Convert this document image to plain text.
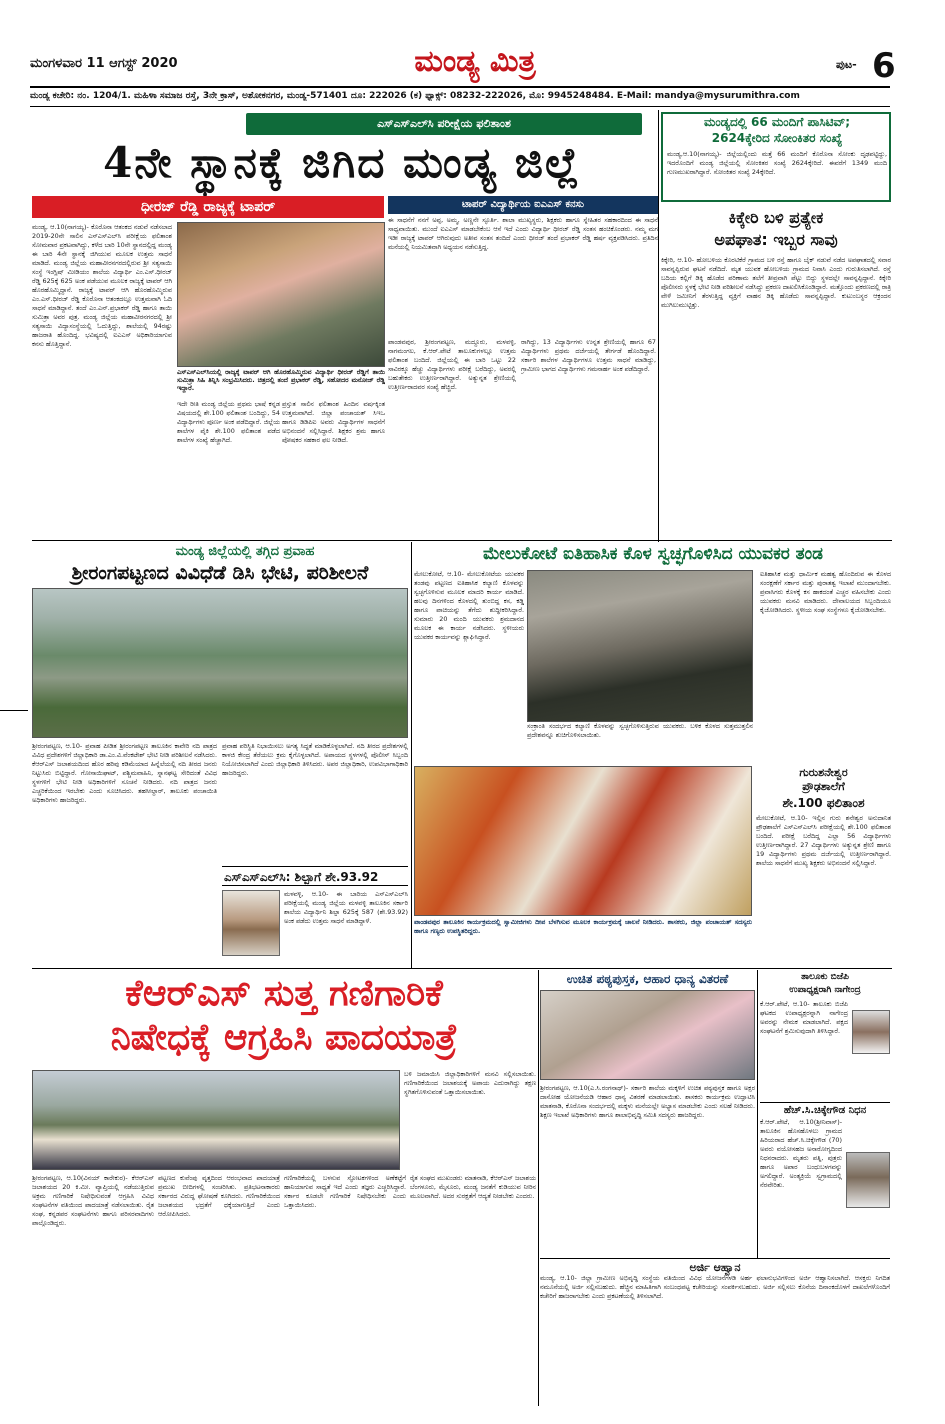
ಮಂಗಳವಾರ 11 ಆಗಸ್ಟ್ 2020	ಮಂಡ್ಯ ಮಿತ್ರ	ಪುಟ- 6
ಮಂಡ್ಯ ಕಚೇರಿ: ನಂ. 1204/1. ಮಹಿಳಾ ಸಮಾಜ ರಸ್ತೆ, 3ನೇ ಕ್ರಾಸ್, ಅಶೋಕನಗರ, ಮಂಡ್ಯ-571401 ದೂ: 222026 (ಕ) ಫ್ಯಾಕ್ಸ್: 08232-222026, ಮೊ: 9945248484. E-Mail: mandya@mysurumithra.com
ಎಸ್‌ಎಸ್‌ಎಲ್‌ಸಿ ಪರೀಕ್ಷೆಯ ಫಲಿತಾಂಶ
4ನೇ ಸ್ಥಾನಕ್ಕೆ ಜಿಗಿದ ಮಂಡ್ಯ ಜಿಲ್ಲೆ
ಧೀರಜ್ ರೆಡ್ಡಿ ರಾಜ್ಯಕ್ಕೆ ಟಾಪರ್
ಮಂಡ್ಯ, ಆ.10(ನಾಗಯ್ಯ)- ಕೊರೊನಾ ಆತಂಕದ ನಡುವೆ ನಡೆಸಲಾದ 2019-20ನೇ ಸಾಲಿನ ಎಸ್‌ಎಸ್‌ಎಲ್‌ಸಿ ಪರೀಕ್ಷೆಯ ಫಲಿತಾಂಶ ಸೋಮವಾರ ಪ್ರಕಟವಾಗಿದ್ದು, ಕಳೆದ ಬಾರಿ 10ನೇ ಸ್ಥಾನದಲ್ಲಿದ್ದ ಮಂಡ್ಯ ಈ ಬಾರಿ 4ನೇ ಸ್ಥಾನಕ್ಕೆ ಜಿಗಿಯುವ ಮೂಲಕ ಉತ್ತಮ ಸಾಧನೆ ಮಾಡಿದೆ. ಮಂಡ್ಯ ಜಿಲ್ಲೆಯ ಮಹಾವೀರನಗರದಲ್ಲಿರುವ ಶ್ರೀ ಸತ್ಯಸಾಯಿ ಸಂಸ್ಥೆ ಇಂಗ್ಲಿಷ್ ಮೀಡಿಯಂ ಶಾಲೆಯ ವಿದ್ಯಾರ್ಥಿ ಎಂ.ಎಸ್.ಧೀರಜ್ ರೆಡ್ಡಿ 625ಕ್ಕೆ 625 ಅಂಕ ಪಡೆಯುವ ಮೂಲಕ ರಾಜ್ಯಕ್ಕೆ ಟಾಪರ್ ಆಗಿ ಹೊರಹೊಮ್ಮಿದ್ದಾನೆ. ರಾಜ್ಯಕ್ಕೆ ಟಾಪರ್ ಆಗಿ ಹೊರಹೊಮ್ಮಿರುವ ಎಂ.ಎಸ್.ಧೀರಜ್ ರೆಡ್ಡಿ ಕೊರೊನಾ ಆತಂಕದಲ್ಲೂ ಉತ್ತಮವಾಗಿ ಓದಿ ಸಾಧನೆ ಮಾಡಿದ್ದಾನೆ. ತಂದೆ ಎಂ.ಎನ್.ಪ್ರಭಾಕರ್ ರೆಡ್ಡಿ ಹಾಗೂ ತಾಯಿ ಸುಮಿತ್ರಾ ಅವರ ಪುತ್ರ. ಮಂಡ್ಯ ಜಿಲ್ಲೆಯ ಮಹಾವೀರನಗರದಲ್ಲಿ ಶ್ರೀ ಸತ್ಯಸಾಯಿ ವಿದ್ಯಾಸಂಸ್ಥೆಯಲ್ಲಿ ಓದುತ್ತಿದ್ದು, ಶಾಲೆಯಲ್ಲಿ 94ರಷ್ಟು ಹಾಜರಾತಿ ಹೊಂದಿದ್ದ. ಭವಿಷ್ಯದಲ್ಲಿ ಐಎಎಸ್ ಅಧಿಕಾರಿಯಾಗುವ ಕನಸು ಹೊತ್ತಿದ್ದಾನೆ.
ಎಸ್‌ಎಸ್‌ಎಲ್‌ಸಿಯಲ್ಲಿ ರಾಜ್ಯಕ್ಕೆ ಟಾಪರ್ ಆಗಿ ಹೊರಹೊಮ್ಮಿರುವ ವಿದ್ಯಾರ್ಥಿ ಧೀರಜ್ ರೆಡ್ಡಿಗೆ ತಾಯಿ ಸುಮಿತ್ರಾ ಸಿಹಿ ತಿನ್ನಿಸಿ ಸಂಭ್ರಮಿಸಿದರು. ಚಿತ್ರದಲ್ಲಿ ತಂದೆ ಪ್ರಭಾಕರ್ ರೆಡ್ಡಿ, ಸಹೋದರ ಮನೋಜ್ ರೆಡ್ಡಿ ಇದ್ದಾರೆ.
ಇದೇ ರೀತಿ ಮಂಡ್ಯ ಜಿಲ್ಲೆಯ ಪ್ರಥಮ ಭಾಷೆ ಕನ್ನಡ ವಿಷಯದಲ್ಲಿ ಶೇ.100 ಫಲಿತಾಂಶ ಬಂದಿದ್ದು, 54 ವಿದ್ಯಾರ್ಥಿಗಳು ಪೂರ್ಣ ಅಂಕ ಪಡೆದಿದ್ದಾರೆ. ಜಿಲ್ಲೆಯ ಶಾಲೆಗಳ ಪೈಕಿ ಶೇ.100 ಫಲಿತಾಂಶ ಪಡೆದ ಶಾಲೆಗಳ ಸಂಖ್ಯೆ ಹೆಚ್ಚಾಗಿದೆ.
ಪ್ರಸ್ತುತ ಸಾಲಿನ ಫಲಿತಾಂಶ ಹಿಂದಿನ ವರ್ಷಕ್ಕಿಂತ ಉತ್ತಮವಾಗಿದೆ. ಜಿಲ್ಲಾ ಪಂಚಾಯತ್ ಸಿಇಒ ಹಾಗೂ ಡಿಡಿಪಿಐ ಅವರು ವಿದ್ಯಾರ್ಥಿಗಳ ಸಾಧನೆಗೆ ಅಭಿನಂದನೆ ಸಲ್ಲಿಸಿದ್ದಾರೆ. ಶಿಕ್ಷಕರ ಶ್ರಮ ಹಾಗೂ ಪೋಷಕರ ಸಹಕಾರ ಫಲ ನೀಡಿದೆ.
ಟಾಪರ್ ವಿದ್ಯಾರ್ಥಿಯ ಐಎಎಸ್ ಕನಸು
ಈ ಸಾಧನೆಗೆ ನನಗೆ ಅಪ್ಪ, ಅಮ್ಮ, ಅಣ್ಣನೇ ಸ್ಫೂರ್ತಿ. ಶಾಲಾ ಮುಖ್ಯಸ್ಥರು, ಶಿಕ್ಷಕರು ಹಾಗೂ ಸ್ನೇಹಿತರ ಸಹಕಾರದಿಂದ ಈ ಸಾಧನೆ ಸಾಧ್ಯವಾಯಿತು. ಮುಂದೆ ಐಎಎಸ್ ಮಾಡಬೇಕೆಂಬ ಆಸೆ ಇದೆ ಎಂದು ವಿದ್ಯಾರ್ಥಿ ಧೀರಜ್ ರೆಡ್ಡಿ ಸಂತಸ ಹಂಚಿಕೊಂಡರು. ನಮ್ಮ ಮಗ ಇಡೀ ರಾಜ್ಯಕ್ಕೆ ಟಾಪರ್ ಆಗಿರುವುದು ಅತೀವ ಸಂತಸ ತಂದಿದೆ ಎಂದು ಧೀರಜ್ ತಂದೆ ಪ್ರಭಾಕರ್ ರೆಡ್ಡಿ ಹರ್ಷ ವ್ಯಕ್ತಪಡಿಸಿದರು. ಪ್ರತಿದಿನ ಮನೆಯಲ್ಲಿ ನಿಯಮಿತವಾಗಿ ಅಧ್ಯಯನ ನಡೆಸುತ್ತಿದ್ದ.
ಪಾಂಡವಪುರ, ಶ್ರೀರಂಗಪಟ್ಟಣ, ಮದ್ದೂರು, ಮಳವಳ್ಳಿ, ನಾಗಮಂಗಲ, ಕೆ.ಆರ್.ಪೇಟೆ ತಾಲೂಕುಗಳಲ್ಲೂ ಉತ್ತಮ ಫಲಿತಾಂಶ ಬಂದಿದೆ. ಜಿಲ್ಲೆಯಲ್ಲಿ ಈ ಬಾರಿ ಒಟ್ಟು 22 ಸಾವಿರಕ್ಕೂ ಹೆಚ್ಚು ವಿದ್ಯಾರ್ಥಿಗಳು ಪರೀಕ್ಷೆ ಬರೆದಿದ್ದು, ಅವರಲ್ಲಿ ಬಹುತೇಕರು ಉತ್ತೀರ್ಣರಾಗಿದ್ದಾರೆ. ಅತ್ಯುನ್ನತ ಶ್ರೇಣಿಯಲ್ಲಿ ಉತ್ತೀರ್ಣರಾದವರ ಸಂಖ್ಯೆ ಹೆಚ್ಚಿದೆ.
ರಾಗಿದ್ದು, 13 ವಿದ್ಯಾರ್ಥಿಗಳು ಉನ್ನತ ಶ್ರೇಣಿಯಲ್ಲಿ ಹಾಗೂ 67 ವಿದ್ಯಾರ್ಥಿಗಳು ಪ್ರಥಮ ದರ್ಜೆಯಲ್ಲಿ ತೇರ್ಗಡೆ ಹೊಂದಿದ್ದಾರೆ. ಸರ್ಕಾರಿ ಶಾಲೆಗಳ ವಿದ್ಯಾರ್ಥಿಗಳೂ ಉತ್ತಮ ಸಾಧನೆ ಮಾಡಿದ್ದು, ಗ್ರಾಮೀಣ ಭಾಗದ ವಿದ್ಯಾರ್ಥಿಗಳು ಗಮನಾರ್ಹ ಅಂಕ ಪಡೆದಿದ್ದಾರೆ.
ಮಂಡ್ಯದಲ್ಲಿ 66 ಮಂದಿಗೆ ಪಾಸಿಟಿವ್;
2624ಕ್ಕೇರಿದ ಸೋಂಕಿತರ ಸಂಖ್ಯೆ
ಮಂಡ್ಯ,ಆ.10(ನಾಗಯ್ಯ)- ಜಿಲ್ಲೆಯಲ್ಲಿಂದು ಮತ್ತೆ 66 ಮಂದಿಗೆ ಕೊರೊನಾ ಸೋಂಕು ದೃಢಪಟ್ಟಿದ್ದು, ಇದರೊಂದಿಗೆ ಮಂಡ್ಯ ಜಿಲ್ಲೆಯಲ್ಲಿ ಸೋಂಕಿತರ ಸಂಖ್ಯೆ 2624ಕ್ಕೇರಿದೆ. ಈವರೆಗೆ 1349 ಮಂದಿ ಗುಣಮುಖರಾಗಿದ್ದಾರೆ. ಸೋಂಕಿತರ ಸಂಖ್ಯೆ 24ಕ್ಕೇರಿದೆ.
ಕಿಕ್ಕೇರಿ ಬಳಿ ಪ್ರತ್ಯೇಕ
ಅಪಘಾತ: ಇಬ್ಬರ ಸಾವು
ಕಿಕ್ಕೇರಿ, ಆ.10- ಹೋಬಳಿಯ ಕೊರಟಿಕೆರೆ ಗ್ರಾಮದ ಬಳಿ ರಸ್ತೆ ಹಾಗೂ ಬೈಕ್ ನಡುವೆ ನಡೆದ ಅಪಘಾತದಲ್ಲಿ ಸವಾರ ಸಾವನ್ನಪ್ಪಿರುವ ಘಟನೆ ನಡೆದಿದೆ. ಮೃತ ಯುವಕ ಹೋಬಳಿಯ ಗ್ರಾಮದ ನಿವಾಸಿ ಎಂದು ಗುರುತಿಸಲಾಗಿದೆ. ರಸ್ತೆ ಬದಿಯ ಕಲ್ಲಿಗೆ ಡಿಕ್ಕಿ ಹೊಡೆದ ಪರಿಣಾಮ ತಲೆಗೆ ತೀವ್ರವಾಗಿ ಪೆಟ್ಟು ಬಿದ್ದು ಸ್ಥಳದಲ್ಲೇ ಸಾವನ್ನಪ್ಪಿದ್ದಾನೆ. ಕಿಕ್ಕೇರಿ ಪೊಲೀಸರು ಸ್ಥಳಕ್ಕೆ ಭೇಟಿ ನೀಡಿ ಪರಿಶೀಲನೆ ನಡೆಸಿದ್ದು ಪ್ರಕರಣ ದಾಖಲಿಸಿಕೊಂಡಿದ್ದಾರೆ. ಮತ್ತೊಂದು ಪ್ರಕರಣದಲ್ಲಿ ರಾತ್ರಿ ವೇಳೆ ಜಮೀನಿಗೆ ತೆರಳುತ್ತಿದ್ದ ವ್ಯಕ್ತಿಗೆ ವಾಹನ ಡಿಕ್ಕಿ ಹೊಡೆದು ಸಾವನ್ನಪ್ಪಿದ್ದಾರೆ. ಕುಟುಂಬಸ್ಥರ ಆಕ್ರಂದನ ಮುಗಿಲುಮುಟ್ಟಿತ್ತು.
ಮಂಡ್ಯ ಜಿಲ್ಲೆಯಲ್ಲಿ ತಗ್ಗಿದ ಪ್ರವಾಹ
ಶ್ರೀರಂಗಪಟ್ಟಣದ ವಿವಿಧೆಡೆ ಡಿಸಿ ಭೇಟಿ, ಪರಿಶೀಲನೆ
ಶ್ರೀರಂಗಪಟ್ಟಣ, ಆ.10- ಪ್ರವಾಹ ಪೀಡಿತ ಶ್ರೀರಂಗಪಟ್ಟಣ ತಾಲೂಕಿನ ಕಾವೇರಿ ನದಿ ಪಾತ್ರದ ವಿವಿಧ ಪ್ರದೇಶಗಳಿಗೆ ಜಿಲ್ಲಾಧಿಕಾರಿ ಡಾ.ಎಂ.ವಿ.ವೆಂಕಟೇಶ್ ಭೇಟಿ ನೀಡಿ ಪರಿಶೀಲನೆ ನಡೆಸಿದರು. ಕೆಆರ್‌ಎಸ್ ಜಲಾಶಯದಿಂದ ಹೊರ ಹರಿವು ಕಡಿಮೆಯಾದ ಹಿನ್ನೆಲೆಯಲ್ಲಿ ನದಿ ತೀರದ ಜನರು ನಿಟ್ಟುಸಿರು ಬಿಟ್ಟಿದ್ದಾರೆ. ಗೋಸಾಯಿಘಾಟ್, ಪಶ್ಚಿಮವಾಹಿನಿ, ಸ್ನಾನಘಟ್ಟ ಸೇರಿದಂತೆ ವಿವಿಧ ಸ್ಥಳಗಳಿಗೆ ಭೇಟಿ ನೀಡಿ ಅಧಿಕಾರಿಗಳಿಗೆ ಸೂಚನೆ ನೀಡಿದರು. ನದಿ ಪಾತ್ರದ ಜನರು ಎಚ್ಚರಿಕೆಯಿಂದ ಇರಬೇಕು ಎಂದು ಸೂಚಿಸಿದರು. ತಹಸೀಲ್ದಾರ್, ತಾಲೂಕು ಪಂಚಾಯಿತಿ ಅಧಿಕಾರಿಗಳು ಹಾಜರಿದ್ದರು.
ಪ್ರವಾಹ ಪರಿಸ್ಥಿತಿ ನಿಭಾಯಿಸಲು ಅಗತ್ಯ ಸಿದ್ಧತೆ ಮಾಡಿಕೊಳ್ಳಲಾಗಿದೆ. ನದಿ ತೀರದ ಪ್ರದೇಶಗಳಲ್ಲಿ ಕಾಳಜಿ ಕೇಂದ್ರ ತೆರೆಯಲು ಕ್ರಮ ಕೈಗೊಳ್ಳಲಾಗಿದೆ. ಅಪಾಯದ ಸ್ಥಳಗಳಲ್ಲಿ ಪೊಲೀಸ್ ಸಿಬ್ಬಂದಿ ನಿಯೋಜಿಸಲಾಗಿದೆ ಎಂದು ಜಿಲ್ಲಾಧಿಕಾರಿ ತಿಳಿಸಿದರು. ಅಪರ ಜಿಲ್ಲಾಧಿಕಾರಿ, ಉಪವಿಭಾಗಾಧಿಕಾರಿ ಹಾಜರಿದ್ದರು.
ಎಸ್‌ಎಸ್‌ಎಲ್‌ಸಿ: ಶಿಲ್ಪಾಗೆ ಶೇ.93.92
ಮಳವಳ್ಳಿ, ಆ.10- ಈ ಬಾರಿಯ ಎಸ್‌ಎಸ್‌ಎಲ್‌ಸಿ ಪರೀಕ್ಷೆಯಲ್ಲಿ ಮಂಡ್ಯ ಜಿಲ್ಲೆಯ ಮಳವಳ್ಳಿ ತಾಲೂಕಿನ ಸರ್ಕಾರಿ ಶಾಲೆಯ ವಿದ್ಯಾರ್ಥಿನಿ ಶಿಲ್ಪಾ 625ಕ್ಕೆ 587 (ಶೇ.93.92) ಅಂಕ ಪಡೆದು ಉತ್ತಮ ಸಾಧನೆ ಮಾಡಿದ್ದಾಳೆ.
ಮೇಲುಕೋಟೆ ಐತಿಹಾಸಿಕ ಕೊಳ ಸ್ವಚ್ಛಗೊಳಿಸಿದ ಯುವಕರ ತಂಡ
ಮೇಲುಕೋಟೆ, ಆ.10- ಮೇಲುಕೋಟೆಯ ಯುವಕರ ತಂಡವು ಪಟ್ಟಣದ ಐತಿಹಾಸಿಕ ಕಲ್ಯಾಣಿ ಕೊಳವನ್ನು ಸ್ವಚ್ಛಗೊಳಿಸುವ ಮೂಲಕ ಮಾದರಿ ಕಾರ್ಯ ಮಾಡಿದೆ. ಹಲವು ದಿನಗಳಿಂದ ಕೊಳದಲ್ಲಿ ತುಂಬಿದ್ದ ಕಸ, ಕಡ್ಡಿ ಹಾಗೂ ಪಾಚಿಯನ್ನು ತೆಗೆದು ಶುದ್ಧೀಕರಿಸಿದ್ದಾರೆ. ಸುಮಾರು 20 ಮಂದಿ ಯುವಕರು ಶ್ರಮದಾನದ ಮೂಲಕ ಈ ಕಾರ್ಯ ನಡೆಸಿದರು. ಸ್ಥಳೀಯರು ಯುವಕರ ಕಾರ್ಯವನ್ನು ಶ್ಲಾಘಿಸಿದ್ದಾರೆ.
ಸಂಕ್ರಾಂತಿ ಸಂದರ್ಭದ ಕಲ್ಯಾಣಿ ಕೊಳವನ್ನು ಸ್ವಚ್ಛಗೊಳಿಸುತ್ತಿರುವ ಯುವಕರು. ಬಳಿಕ ಕೊಳದ ಸುತ್ತಮುತ್ತಲಿನ ಪ್ರದೇಶವನ್ನೂ ಶುಚಿಗೊಳಿಸಲಾಯಿತು.
ಐತಿಹಾಸಿಕ ಮತ್ತು ಧಾರ್ಮಿಕ ಮಹತ್ವ ಹೊಂದಿರುವ ಈ ಕೊಳದ ಸಂರಕ್ಷಣೆಗೆ ಸರ್ಕಾರ ಮತ್ತು ಪುರಾತತ್ವ ಇಲಾಖೆ ಮುಂದಾಗಬೇಕು. ಪ್ರವಾಸಿಗರು ಕೊಳಕ್ಕೆ ಕಸ ಹಾಕದಂತೆ ಎಚ್ಚರ ವಹಿಸಬೇಕು ಎಂದು ಯುವಕರು ಮನವಿ ಮಾಡಿದರು. ದೇವಾಲಯದ ಸಿಬ್ಬಂದಿಯೂ ಕೈಜೋಡಿಸಿದರು. ಸ್ಥಳೀಯ ಸಂಘ ಸಂಸ್ಥೆಗಳೂ ಕೈಜೋಡಿಸಬೇಕು.
ಗುರುಶನೇಶ್ವರ
ಪ್ರೌಢಶಾಲೆಗೆ
ಶೇ.100 ಫಲಿತಾಂಶ
ಮೇಲುಕೋಟೆ, ಆ.10- ಇಲ್ಲಿನ ಗುರು ಶನೇಶ್ವರ ಅನುದಾನಿತ ಪ್ರೌಢಶಾಲೆಗೆ ಎಸ್‌ಎಸ್‌ಎಲ್‌ಸಿ ಪರೀಕ್ಷೆಯಲ್ಲಿ ಶೇ.100 ಫಲಿತಾಂಶ ಬಂದಿದೆ. ಪರೀಕ್ಷೆ ಬರೆದಿದ್ದ ಎಲ್ಲಾ 56 ವಿದ್ಯಾರ್ಥಿಗಳು ಉತ್ತೀರ್ಣರಾಗಿದ್ದಾರೆ. 27 ವಿದ್ಯಾರ್ಥಿಗಳು ಅತ್ಯುನ್ನತ ಶ್ರೇಣಿ ಹಾಗೂ 19 ವಿದ್ಯಾರ್ಥಿಗಳು ಪ್ರಥಮ ದರ್ಜೆಯಲ್ಲಿ ಉತ್ತೀರ್ಣರಾಗಿದ್ದಾರೆ. ಶಾಲೆಯ ಸಾಧನೆಗೆ ಮುಖ್ಯ ಶಿಕ್ಷಕರು ಅಭಿನಂದನೆ ಸಲ್ಲಿಸಿದ್ದಾರೆ.
ಪಾಂಡವಪುರ ತಾಲೂಕಿನ ಕಾರ್ಯಕ್ರಮದಲ್ಲಿ ಸ್ವಾಮೀಜಿಗಳು ದೀಪ ಬೆಳಗಿಸುವ ಮೂಲಕ ಕಾರ್ಯಕ್ರಮಕ್ಕೆ ಚಾಲನೆ ನೀಡಿದರು. ಶಾಸಕರು, ಜಿಲ್ಲಾ ಪಂಚಾಯತ್ ಸದಸ್ಯರು ಹಾಗೂ ಗಣ್ಯರು ಉಪಸ್ಥಿತರಿದ್ದರು.
ಕೆಆರ್‌ಎಸ್ ಸುತ್ತ ಗಣಿಗಾರಿಕೆ
ನಿಷೇಧಕ್ಕೆ ಆಗ್ರಹಿಸಿ ಪಾದಯಾತ್ರೆ
ಬಳಿ ಜಮಾಯಿಸಿ ಜಿಲ್ಲಾಧಿಕಾರಿಗಳಿಗೆ ಮನವಿ ಸಲ್ಲಿಸಲಾಯಿತು. ಗಣಿಗಾರಿಕೆಯಿಂದ ಜಲಾಶಯಕ್ಕೆ ಅಪಾಯ ಎದುರಾಗಿದ್ದು ತಕ್ಷಣ ಸ್ಥಗಿತಗೊಳಿಸುವಂತೆ ಒತ್ತಾಯಿಸಲಾಯಿತು.
ಶ್ರೀರಂಗಪಟ್ಟಣ, ಆ.10(ವಿನಯ್ ಕಾರೇಕುರ)- ಕೆಆರ್‌ಎಸ್ ಜಲಾಶಯದ 20 ಕಿ.ಮೀ. ವ್ಯಾಪ್ತಿಯಲ್ಲಿ ನಡೆಯುತ್ತಿರುವ ಅಕ್ರಮ ಗಣಿಗಾರಿಕೆ ನಿಷೇಧಿಸುವಂತೆ ಆಗ್ರಹಿಸಿ ವಿವಿಧ ಸಂಘಟನೆಗಳ ವತಿಯಿಂದ ಪಾದಯಾತ್ರೆ ನಡೆಸಲಾಯಿತು. ರೈತ ಸಂಘ, ಕನ್ನಡಪರ ಸಂಘಟನೆಗಳು ಹಾಗೂ ಪರಿಸರವಾದಿಗಳು ಪಾಲ್ಗೊಂಡಿದ್ದರು.
ಪಟ್ಟಣದ ಕುವೆಂಪು ವೃತ್ತದಿಂದ ಆರಂಭವಾದ ಪಾದಯಾತ್ರೆ ಪ್ರಮುಖ ಬೀದಿಗಳಲ್ಲಿ ಸಂಚರಿಸಿತು. ಪ್ರತಿಭಟನಾಕಾರರು ಸರ್ಕಾರದ ವಿರುದ್ಧ ಘೋಷಣೆ ಕೂಗಿದರು. ಗಣಿಗಾರಿಕೆಯಿಂದ ಜಲಾಶಯದ ಭದ್ರತೆಗೆ ಧಕ್ಕೆಯಾಗುತ್ತಿದೆ ಎಂದು ಆರೋಪಿಸಿದರು.
ಗಣಿಗಾರಿಕೆಯಲ್ಲಿ ಬಳಸುವ ಸ್ಫೋಟಕಗಳಿಂದ ಅಣೆಕಟ್ಟೆಗೆ ಹಾನಿಯಾಗುವ ಸಾಧ್ಯತೆ ಇದೆ ಎಂದು ತಜ್ಞರು ಎಚ್ಚರಿಸಿದ್ದಾರೆ. ಸರ್ಕಾರ ಕೂಡಲೇ ಗಣಿಗಾರಿಕೆ ನಿಷೇಧಿಸಬೇಕು ಎಂದು ಒತ್ತಾಯಿಸಿದರು.
ರೈತ ಸಂಘದ ಮುಖಂಡರು ಮಾತನಾಡಿ, ಕೆಆರ್‌ಎಸ್ ಜಲಾಶಯ ಬೆಂಗಳೂರು, ಮೈಸೂರು, ಮಂಡ್ಯ ಜನತೆಗೆ ಕುಡಿಯುವ ನೀರಿನ ಮೂಲವಾಗಿದೆ. ಅದರ ಸುರಕ್ಷತೆಗೆ ಆದ್ಯತೆ ನೀಡಬೇಕು ಎಂದರು.
ಉಚಿತ ಪಠ್ಯಪುಸ್ತಕ, ಆಹಾರ ಧಾನ್ಯ ವಿತರಣೆ
ಶ್ರೀರಂಗಪಟ್ಟಣ, ಆ.10(ಎ.ಸಿ.ರಂಗನಾಥ್)- ಸರ್ಕಾರಿ ಶಾಲೆಯ ಮಕ್ಕಳಿಗೆ ಉಚಿತ ಪಠ್ಯಪುಸ್ತಕ ಹಾಗೂ ಅಕ್ಷರ ದಾಸೋಹ ಯೋಜನೆಯಡಿ ಆಹಾರ ಧಾನ್ಯ ವಿತರಣೆ ಮಾಡಲಾಯಿತು. ಶಾಸಕರು ಕಾರ್ಯಕ್ರಮ ಉದ್ಘಾಟಿಸಿ ಮಾತನಾಡಿ, ಕೊರೊನಾ ಸಂದರ್ಭದಲ್ಲಿ ಮಕ್ಕಳು ಮನೆಯಲ್ಲೇ ಅಭ್ಯಾಸ ಮಾಡಬೇಕು ಎಂದು ಸಲಹೆ ನೀಡಿದರು. ಶಿಕ್ಷಣ ಇಲಾಖೆ ಅಧಿಕಾರಿಗಳು ಹಾಗೂ ಶಾಲಾಭಿವೃದ್ಧಿ ಸಮಿತಿ ಸದಸ್ಯರು ಹಾಜರಿದ್ದರು.
ಅರ್ಜಿ ಆಹ್ವಾನ
ಮಂಡ್ಯ, ಆ.10- ಜಿಲ್ಲಾ ಗ್ರಾಮೀಣ ಅಭಿವೃದ್ಧಿ ಸಂಸ್ಥೆಯ ವತಿಯಿಂದ ವಿವಿಧ ಯೋಜನೆಗಳಡಿ ಅರ್ಹ ಫಲಾನುಭವಿಗಳಿಂದ ಅರ್ಜಿ ಆಹ್ವಾನಿಸಲಾಗಿದೆ. ಆಸಕ್ತರು ನಿಗದಿತ ನಮೂನೆಯಲ್ಲಿ ಅರ್ಜಿ ಸಲ್ಲಿಸಬಹುದು. ಹೆಚ್ಚಿನ ಮಾಹಿತಿಗಾಗಿ ಸಂಬಂಧಪಟ್ಟ ಕಚೇರಿಯನ್ನು ಸಂಪರ್ಕಿಸಬಹುದು. ಅರ್ಜಿ ಸಲ್ಲಿಸಲು ಕೊನೆಯ ದಿನಾಂಕದೊಳಗೆ ದಾಖಲೆಗಳೊಂದಿಗೆ ಕಚೇರಿಗೆ ಹಾಜರಾಗಬೇಕು ಎಂದು ಪ್ರಕಟಣೆಯಲ್ಲಿ ತಿಳಿಸಲಾಗಿದೆ.
ತಾಲೂಕು ಬಿಜೆಪಿ
ಉಪಾಧ್ಯಕ್ಷರಾಗಿ ನಾಗೇಂದ್ರ
ಕೆ.ಆರ್.ಪೇಟೆ, ಆ.10- ತಾಲೂಕು ಬಿಜೆಪಿ ಘಟಕದ ಉಪಾಧ್ಯಕ್ಷರನ್ನಾಗಿ ನಾಗೇಂದ್ರ ಅವರನ್ನು ನೇಮಕ ಮಾಡಲಾಗಿದೆ. ಪಕ್ಷದ ಸಂಘಟನೆಗೆ ಶ್ರಮಿಸುವುದಾಗಿ ತಿಳಿಸಿದ್ದಾರೆ.
ಹೆಚ್.ಸಿ.ಚಿಕ್ಕೇಗೌಡ ನಿಧನ
ಕೆ.ಆರ್.ಪೇಟೆ, ಆ.10(ಶ್ರೀನಿವಾಸ್)- ತಾಲೂಕಿನ ಹೊಸಹೊಳಲು ಗ್ರಾಮದ ಹಿರಿಯರಾದ ಹೆಚ್.ಸಿ.ಚಿಕ್ಕೇಗೌಡ (70) ಅವರು ವಯೋಸಹಜ ಅನಾರೋಗ್ಯದಿಂದ ನಿಧನರಾದರು. ಮೃತರು ಪತ್ನಿ, ಪುತ್ರರು ಹಾಗೂ ಅಪಾರ ಬಂಧುಬಳಗವನ್ನು ಅಗಲಿದ್ದಾರೆ. ಅಂತ್ಯಕ್ರಿಯೆ ಸ್ವಗ್ರಾಮದಲ್ಲಿ ನೆರವೇರಿತು.
